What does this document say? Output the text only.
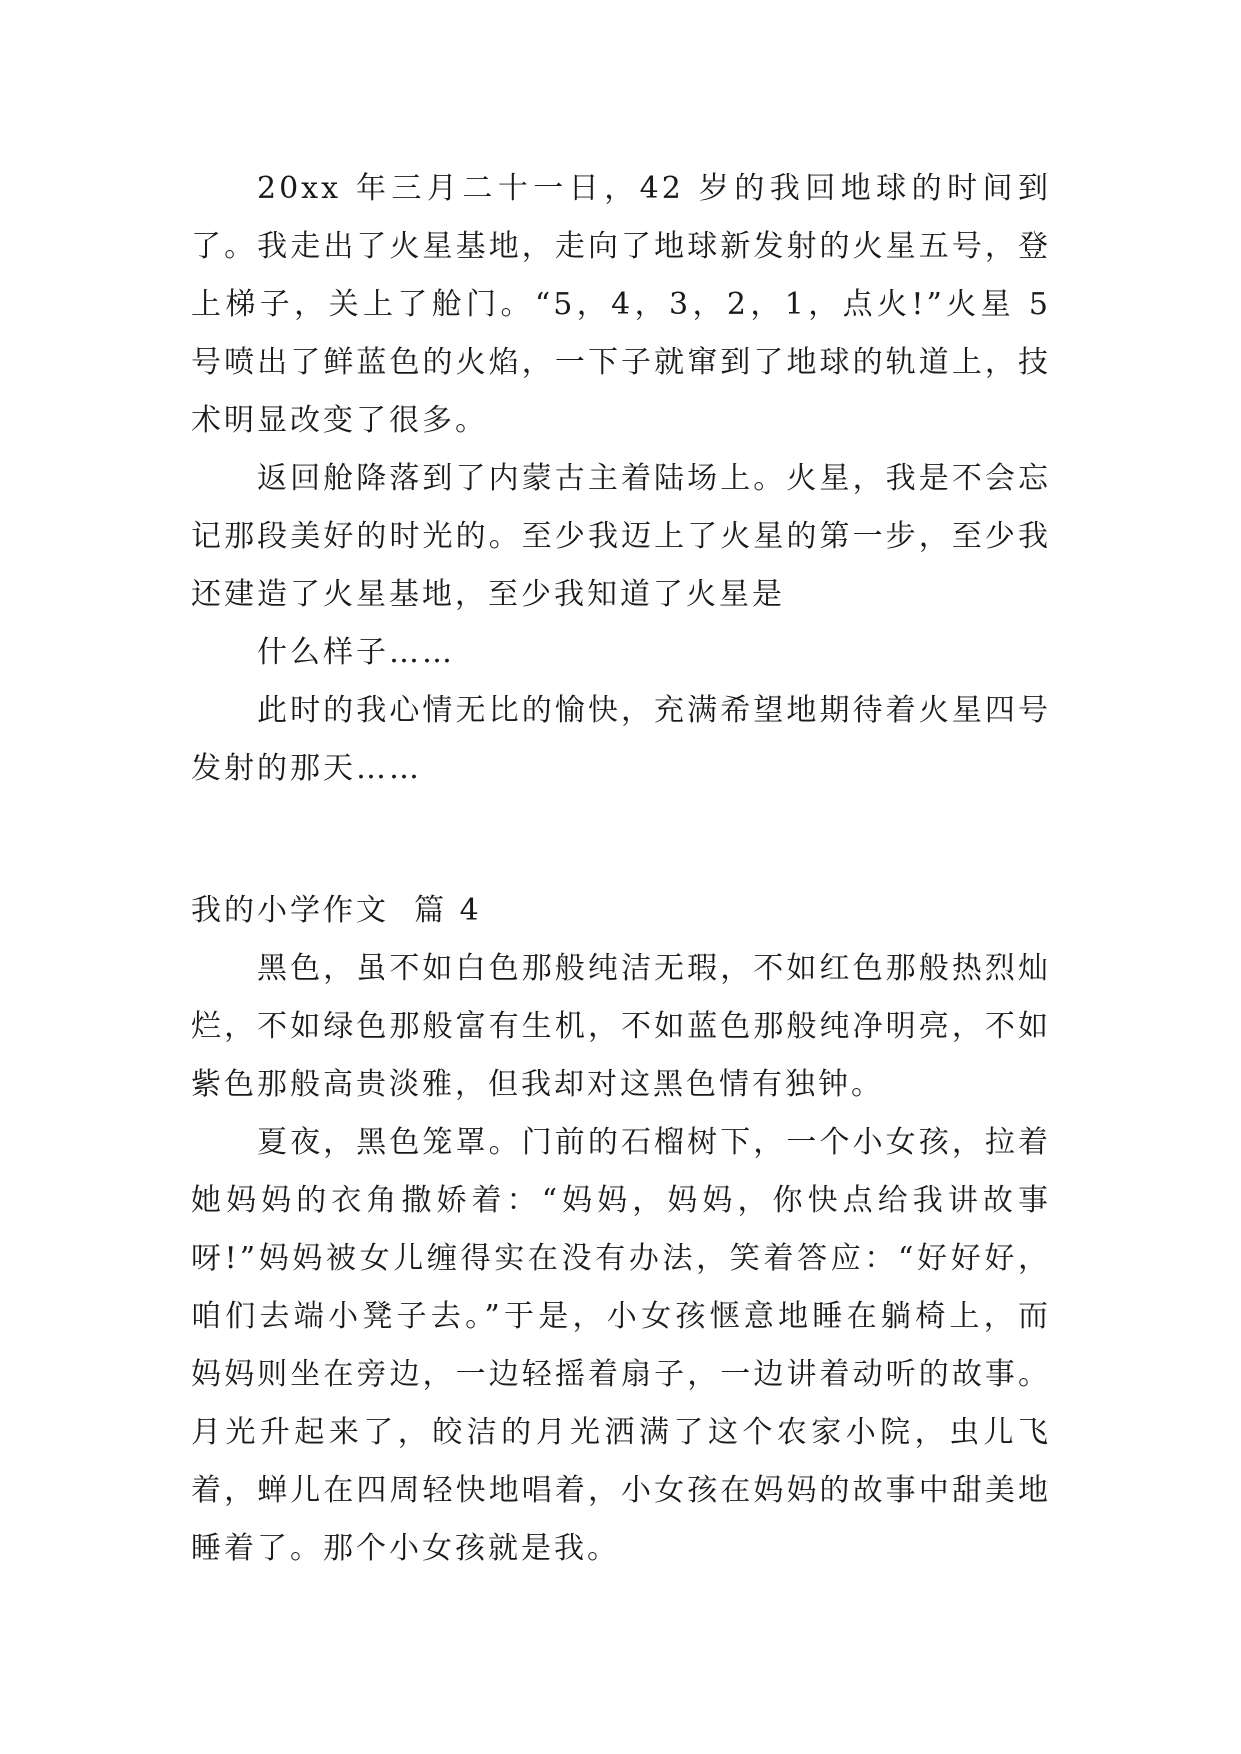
20xx 年三月二十一日，42 岁的我回地球的时间到了。我走出了火星基地，走向了地球新发射的火星五号，登上梯子，关上了舱门。“5，4，3，2，1，点火!”火星 5 号喷出了鲜蓝色的火焰，一下子就窜到了地球的轨道上，技术明显改变了很多。

返回舱降落到了内蒙古主着陆场上。火星，我是不会忘记那段美好的时光的。至少我迈上了火星的第一步，至少我还建造了火星基地，至少我知道了火星是

什么样子……

此时的我心情无比的愉快，充满希望地期待着火星四号发射的那天……

我的小学作文  篇 4

黑色，虽不如白色那般纯洁无瑕，不如红色那般热烈灿烂，不如绿色那般富有生机，不如蓝色那般纯净明亮，不如紫色那般高贵淡雅，但我却对这黑色情有独钟。

夏夜，黑色笼罩。门前的石榴树下，一个小女孩，拉着她妈妈的衣角撒娇着：“妈妈，妈妈，你快点给我讲故事呀!”妈妈被女儿缠得实在没有办法，笑着答应：“好好好，咱们去端小凳子去。”于是，小女孩惬意地睡在躺椅上，而妈妈则坐在旁边，一边轻摇着扇子，一边讲着动听的故事。月光升起来了，皎洁的月光洒满了这个农家小院，虫儿飞着，蝉儿在四周轻快地唱着，小女孩在妈妈的故事中甜美地睡着了。那个小女孩就是我。
